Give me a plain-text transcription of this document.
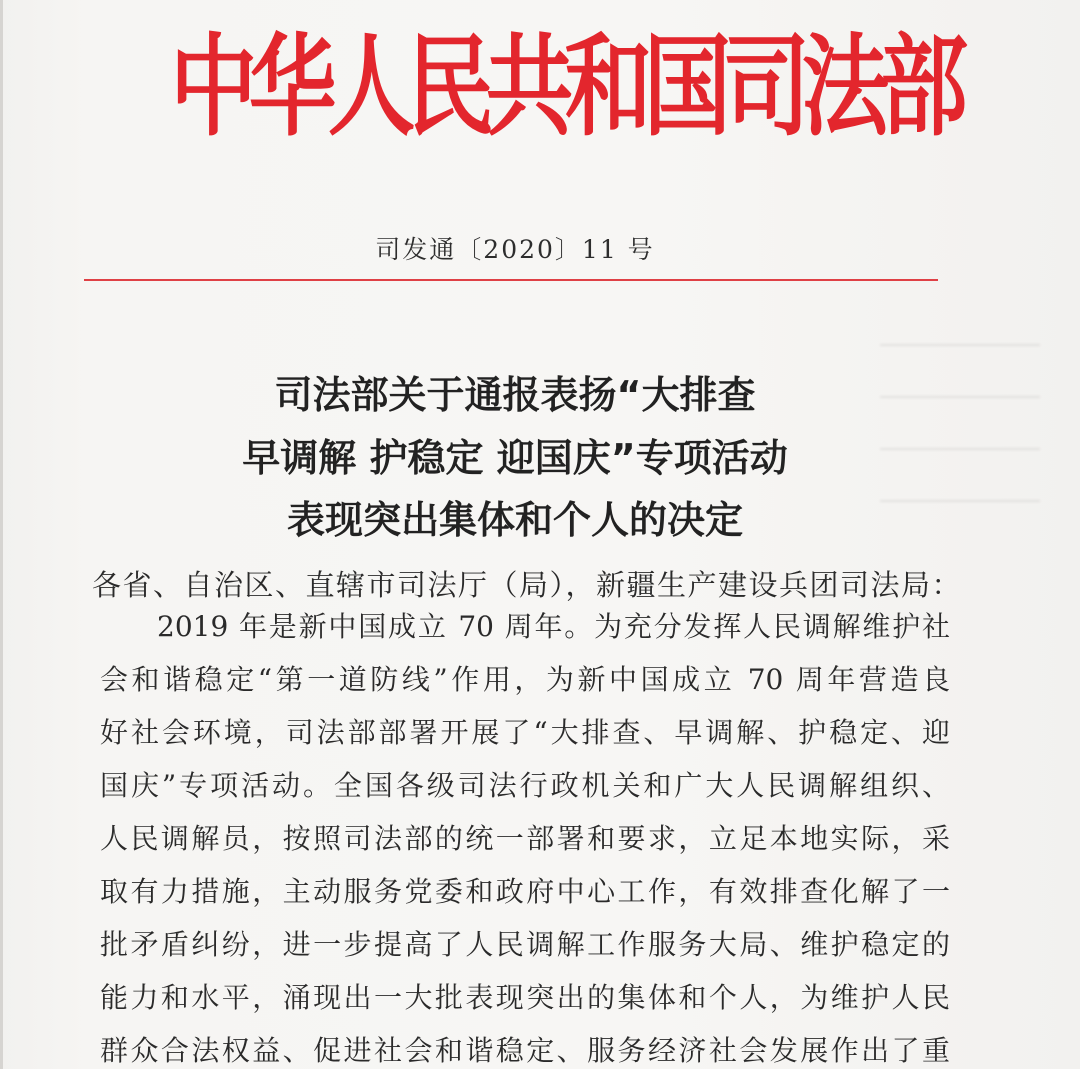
中华人民共和国司法部
司发通〔2020〕11 号
司法部关于通报表扬“大排查
早调解 护稳定 迎国庆”专项活动
表现突出集体和个人的决定
各省、自治区、直辖市司法厅（局），新疆生产建设兵团司法局：
2019 年是新中国成立 70 周年。为充分发挥人民调解维护社
会和谐稳定“第一道防线”作用，为新中国成立 70 周年营造良
好社会环境，司法部部署开展了“大排查、早调解、护稳定、迎
国庆”专项活动。全国各级司法行政机关和广大人民调解组织、
人民调解员，按照司法部的统一部署和要求，立足本地实际，采
取有力措施，主动服务党委和政府中心工作，有效排查化解了一
批矛盾纠纷，进一步提高了人民调解工作服务大局、维护稳定的
能力和水平，涌现出一大批表现突出的集体和个人，为维护人民
群众合法权益、促进社会和谐稳定、服务经济社会发展作出了重
